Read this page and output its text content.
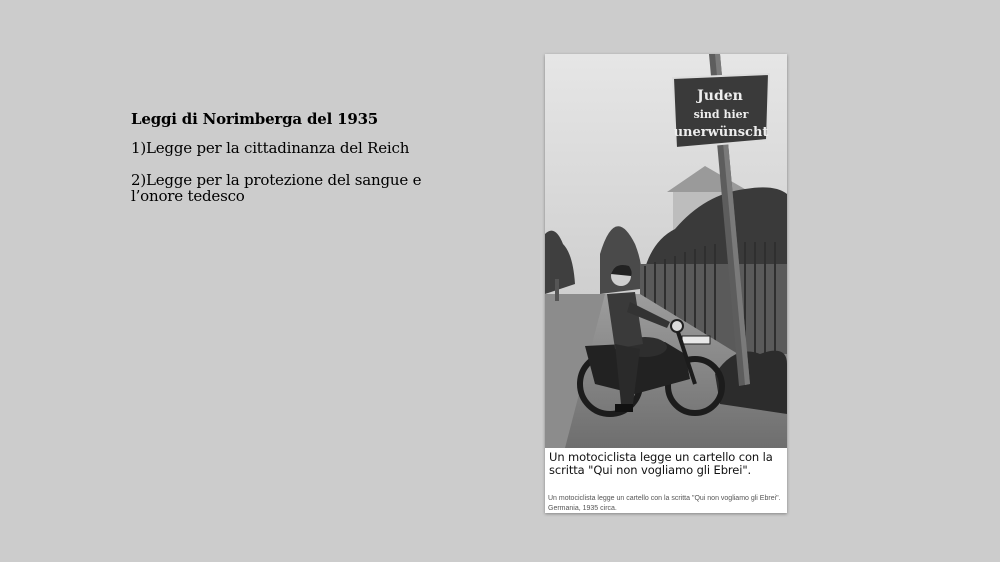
Leggi di Norimberga del 1935

1)Legge per la cittadinanza del Reich

2)Legge per la protezione del sangue e l’onore tedesco

Juden
sind hier
unerwünscht
Un motociclista legge un cartello con la scritta "Qui non vogliamo gli Ebrei".
Un motociclista legge un cartello con la scritta "Qui non vogliamo gli Ebrei". Germania, 1935 circa.
